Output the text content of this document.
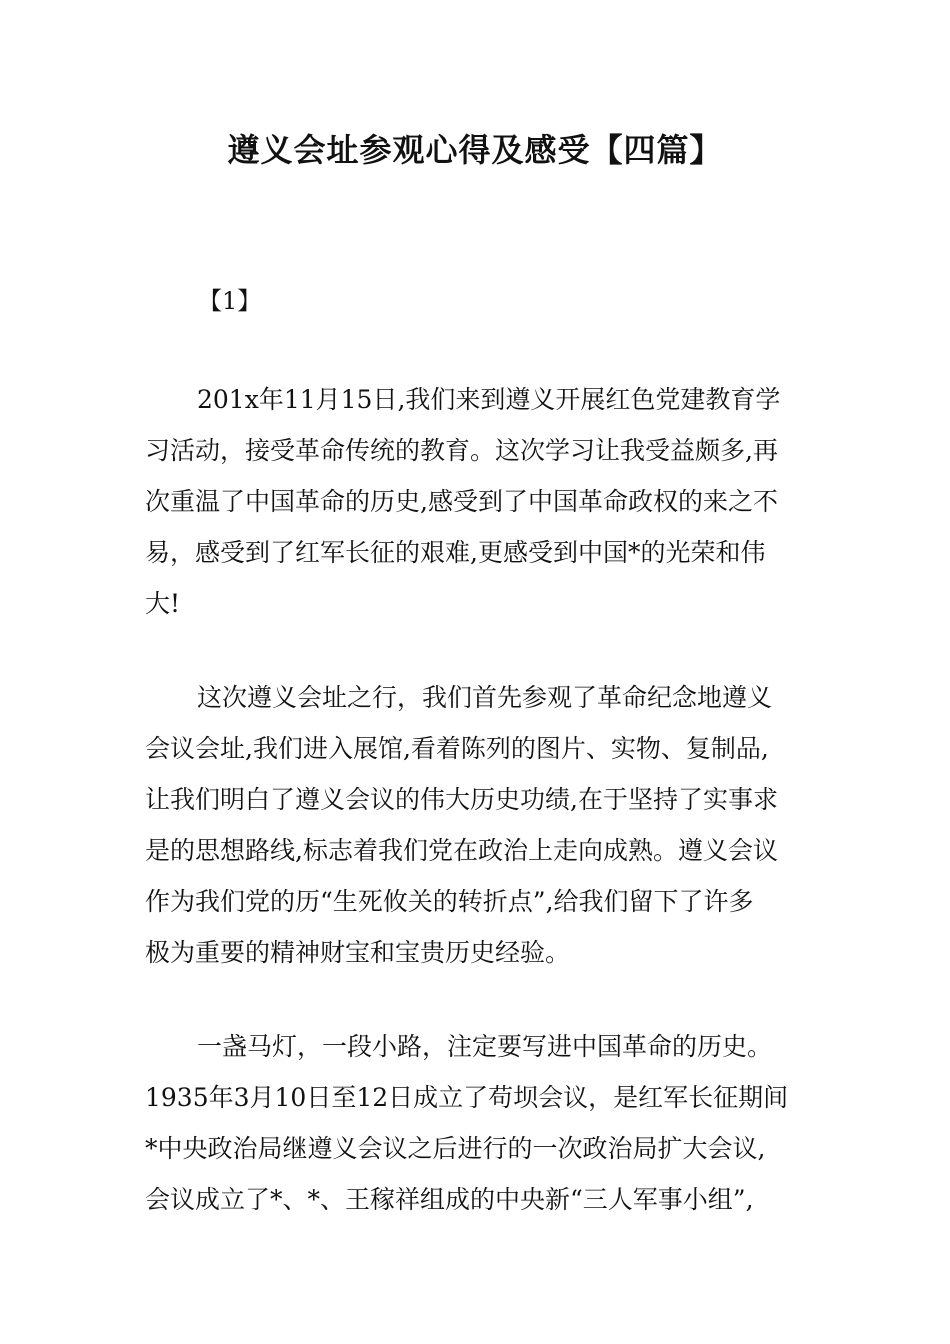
遵义会址参观心得及感受【四篇】
【1】
201x年11月15日,我们来到遵义开展红色党建教育学
习活动，接受革命传统的教育。这次学习让我受益颇多,再
次重温了中国革命的历史,感受到了中国革命政权的来之不
易，感受到了红军长征的艰难,更感受到中国*的光荣和伟
大!
这次遵义会址之行，我们首先参观了革命纪念地遵义
会议会址,我们进入展馆,看着陈列的图片、实物、复制品,
让我们明白了遵义会议的伟大历史功绩,在于坚持了实事求
是的思想路线,标志着我们党在政治上走向成熟。遵义会议
作为我们党的历“生死攸关的转折点”,给我们留下了许多
极为重要的精神财宝和宝贵历史经验。
一盏马灯，一段小路，注定要写进中国革命的历史。
1935年3月10日至12日成立了苟坝会议，是红军长征期间
*中央政治局继遵义会议之后进行的一次政治局扩大会议,
会议成立了*、*、王稼祥组成的中央新“三人军事小组”,
